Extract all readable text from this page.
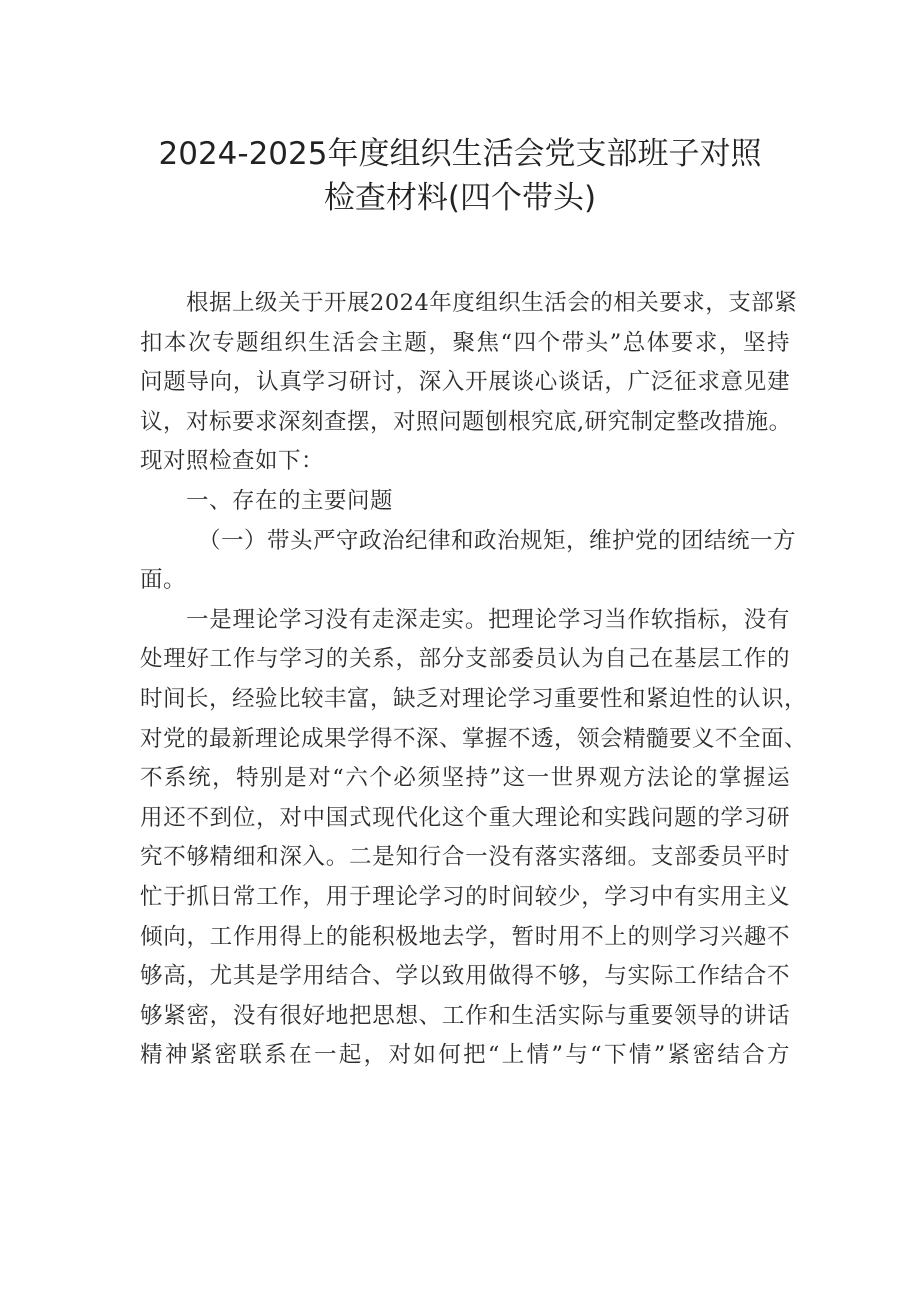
2024-2025年度组织生活会党支部班子对照
检查材料(四个带头)
根据上级关于开展2024年度组织生活会的相关要求，支部紧
扣本次专题组织生活会主题，聚焦“四个带头”总体要求，坚持
问题导向，认真学习研讨，深入开展谈心谈话，广泛征求意见建
议，对标要求深刻查摆，对照问题刨根究底,研究制定整改措施。
现对照检查如下：
一、存在的主要问题
（一）带头严守政治纪律和政治规矩，维护党的团结统一方
面。
一是理论学习没有走深走实。把理论学习当作软指标，没有
处理好工作与学习的关系，部分支部委员认为自己在基层工作的
时间长，经验比较丰富，缺乏对理论学习重要性和紧迫性的认识，
对党的最新理论成果学得不深、掌握不透，领会精髓要义不全面、
不系统，特别是对“六个必须坚持”这一世界观方法论的掌握运
用还不到位，对中国式现代化这个重大理论和实践问题的学习研
究不够精细和深入。二是知行合一没有落实落细。支部委员平时
忙于抓日常工作，用于理论学习的时间较少，学习中有实用主义
倾向，工作用得上的能积极地去学，暂时用不上的则学习兴趣不
够高，尤其是学用结合、学以致用做得不够，与实际工作结合不
够紧密，没有很好地把思想、工作和生活实际与重要领导的讲话
精神紧密联系在一起，对如何把“上情”与“下情”紧密结合方
